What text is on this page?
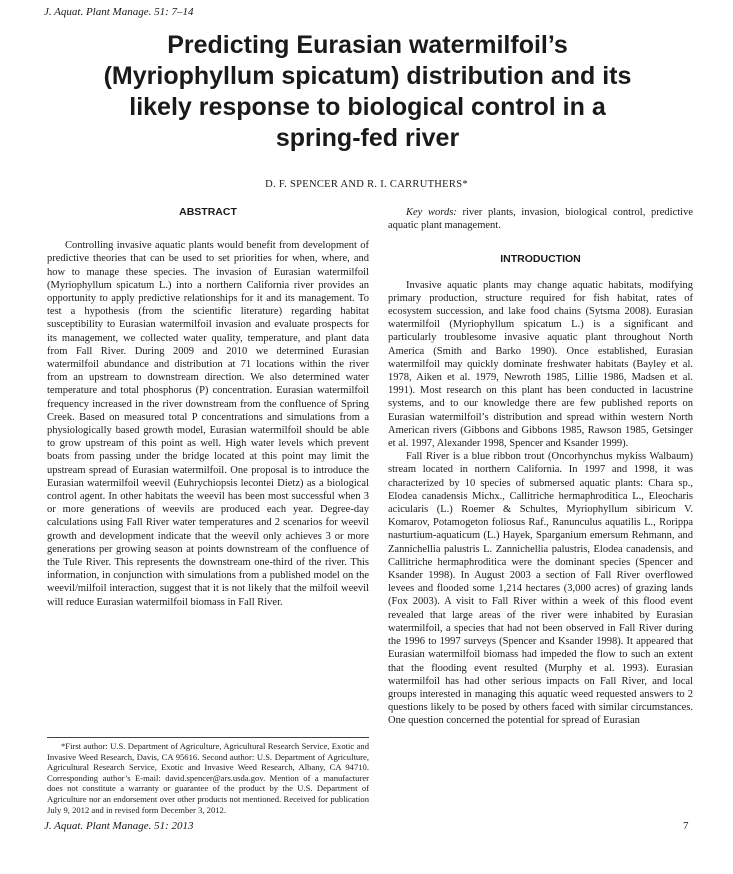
J. Aquat. Plant Manage. 51: 7–14
Predicting Eurasian watermilfoil’s
(Myriophyllum spicatum) distribution and its
likely response to biological control in a
spring-fed river
D. F. SPENCER AND R. I. CARRUTHERS*
ABSTRACT

Controlling invasive aquatic plants would benefit from development of predictive theories that can be used to set priorities for when, where, and how to manage these species. The invasion of Eurasian watermilfoil (Myriophyllum spicatum L.) into a northern California river provides an opportunity to apply predictive relationships for it and its management. To test a hypothesis (from the scientific literature) regarding habitat susceptibility to Eurasian watermilfoil invasion and evaluate prospects for its management, we collected water quality, temperature, and plant data from Fall River. During 2009 and 2010 we determined Eurasian watermilfoil abundance and distribution at 71 locations within the river from an upstream to downstream direction. We also determined water temperature and total phosphorus (P) concentration. Eurasian watermilfoil frequency increased in the river downstream from the confluence of Spring Creek. Based on measured total P concentrations and simulations from a physiologically based growth model, Eurasian watermilfoil should be able to grow upstream of this point as well. High water levels which prevent boats from passing under the bridge located at this point may limit the upstream spread of Eurasian watermilfoil. One proposal is to introduce the Eurasian watermilfoil weevil (Euhrychiopsis lecontei Dietz) as a biological control agent. In other habitats the weevil has been most successful when 3 or more generations of weevils are produced each year. Degree-day calculations using Fall River water temperatures and 2 scenarios for weevil growth and development indicate that the weevil only achieves 3 or more generations per growing season at points downstream of the confluence of the Tule River. This represents the downstream one-third of the river. This information, in conjunction with simulations from a published model on the weevil/milfoil interaction, suggest that it is not likely that the milfoil weevil will reduce Eurasian watermilfoil biomass in Fall River.

*First author: U.S. Department of Agriculture, Agricultural Research Service, Exotic and Invasive Weed Research, Davis, CA 95616. Second author: U.S. Department of Agriculture, Agricultural Research Service, Exotic and Invasive Weed Research, Albany, CA 94710. Corresponding author’s E-mail: david.spencer@ars.usda.gov. Mention of a manufacturer does not constitute a warranty or guarantee of the product by the U.S. Department of Agriculture nor an endorsement over other products not mentioned. Received for publication July 9, 2012 and in revised form December 3, 2012.

Key words: river plants, invasion, biological control, predictive aquatic plant management.

INTRODUCTION

Invasive aquatic plants may change aquatic habitats, modifying primary production, structure required for fish habitat, rates of ecosystem succession, and lake food chains (Sytsma 2008). Eurasian watermilfoil (Myriophyllum spicatum L.) is a significant and particularly troublesome invasive aquatic plant throughout North America (Smith and Barko 1990). Once established, Eurasian watermilfoil may quickly dominate freshwater habitats (Bayley et al. 1978, Aiken et al. 1979, Newroth 1985, Lillie 1986, Madsen et al. 1991). Most research on this plant has been conducted in lacustrine systems, and to our knowledge there are few published reports on Eurasian watermilfoil’s distribution and spread within western North American rivers (Gibbons and Gibbons 1985, Rawson 1985, Getsinger et al. 1997, Alexander 1998, Spencer and Ksander 1999).

Fall River is a blue ribbon trout (Oncorhynchus mykiss Walbaum) stream located in northern California. In 1997 and 1998, it was characterized by 10 species of submersed aquatic plants: Chara sp., Elodea canadensis Michx., Callitriche hermaphroditica L., Eleocharis acicularis (L.) Roemer & Schultes, Myriophyllum sibiricum V. Komarov, Potamogeton foliosus Raf., Ranunculus aquatilis L., Rorippa nasturtium-aquaticum (L.) Hayek, Sparganium emersum Rehmann, and Zannichellia palustris L. Zannichellia palustris, Elodea canadensis, and Callitriche hermaphroditica were the dominant species (Spencer and Ksander 1998). In August 2003 a section of Fall River overflowed levees and flooded some 1,214 hectares (3,000 acres) of grazing lands (Fox 2003). A visit to Fall River within a week of this flood event revealed that large areas of the river were inhabited by Eurasian watermilfoil, a species that had not been observed in Fall River during the 1996 to 1997 surveys (Spencer and Ksander 1998). It appeared that Eurasian watermilfoil biomass had impeded the flow to such an extent that the flooding event resulted (Murphy et al. 1993). Eurasian watermilfoil has had other serious impacts on Fall River, and local groups interested in managing this aquatic weed requested answers to 2 questions likely to be posed by others faced with similar circumstances. One question concerned the potential for spread of Eurasian

J. Aquat. Plant Manage. 51: 2013	7
